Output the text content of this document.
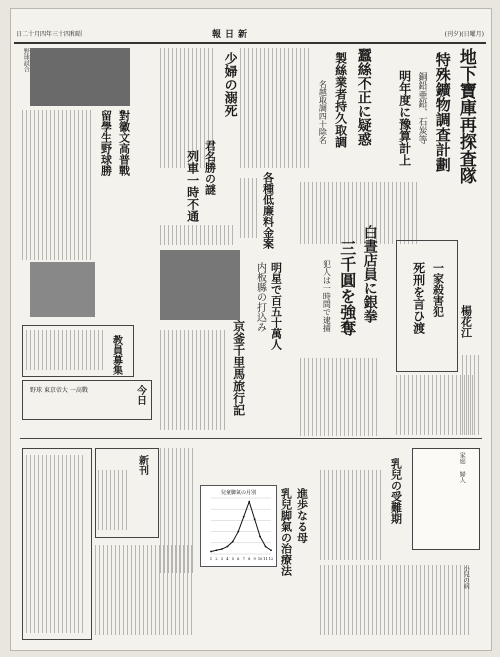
日二十月四年三十四和昭	報日新	(刊夕)(日曜月)
地下寶庫再探査隊
特殊鑛物調査計劃
銅鉛亜鉛、石炭等
明年度に豫算計上
蠶絲不正に疑惑
製絲業者持久取調
名越取調四十除名
白晝店員に銀拳
三千圓を強奪
犯人は一時間で逮捕	一家殺害犯
死刑を言ひ渡	楊花江
少婦の溺死
各種低廉料金案
君名勝の謎
列車一時不通
明星で百五十萬人
内板縣の打込み
京釜千里馬旅行記
野球試合
對徽文高普戰
留學生野球勝
教員募集
今日
野球 東京帝大 一高戰
家庭 婦人
乳兒の受難期
進歩なる母
乳兒脚氣の治療法
小兒の病
兒童脚氣の月別
1 2 3 4 5 6 7 8 9 10 11 12
新刊
